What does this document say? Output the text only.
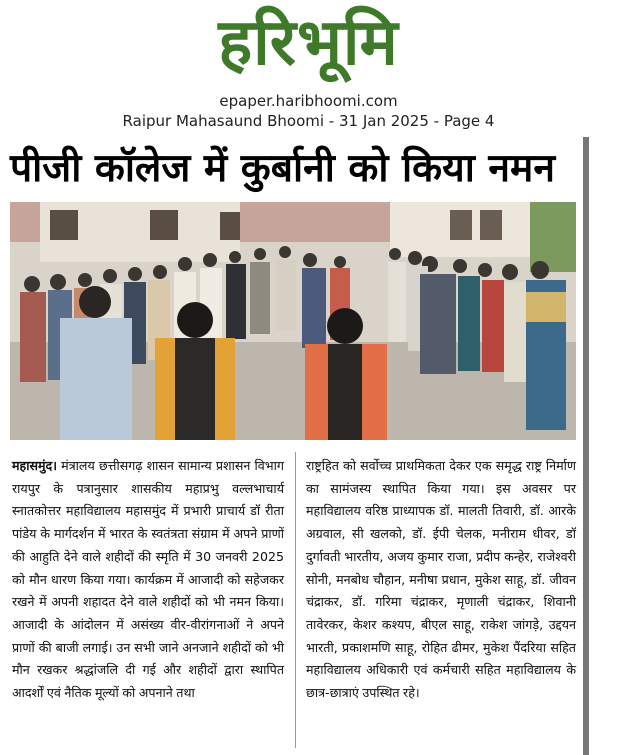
हरिभूमि
epaper.haribhoomi.com
Raipur Mahasaund Bhoomi - 31 Jan 2025 - Page 4
पीजी कॉलेज में कुर्बानी को किया नमन
महासमुंद। मंत्रालय छत्तीसगढ़ शासन सामान्य प्रशासन विभाग रायपुर के पत्रानुसार शासकीय महाप्रभु वल्लभाचार्य स्नातकोत्तर महाविद्यालय महासमुंद में प्रभारी प्राचार्य डॉ रीता पांडेय के मार्गदर्शन में भारत के स्वतंत्रता संग्राम में अपने प्राणों की आहुति देने वाले शहीदों की स्मृति में 30 जनवरी 2025 को मौन धारण किया गया। कार्यक्रम में आजादी को सहेजकर रखने में अपनी शहादत देने वाले शहीदों को भी नमन किया। आजादी के आंदोलन में असंख्य वीर-वीरांगनाओं ने अपने प्राणों की बाजी लगाई। उन सभी जाने अनजाने शहीदों को भी मौन रखकर श्रद्धांजलि दी गई और शहीदों द्वारा स्थापित आदर्शों एवं नैतिक मूल्यों को अपनाने तथा
राष्ट्रहित को सर्वोच्च प्राथमिकता देकर एक समृद्ध राष्ट्र निर्माण का सामंजस्य स्थापित किया गया। इस अवसर पर महाविद्यालय वरिष्ठ प्राध्यापक डॉ. मालती तिवारी, डॉ. आरके अग्रवाल, सी खलको, डॉ. ईपी चेलक, मनीराम धीवर, डॉ दुर्गावती भारतीय, अजय कुमार राजा, प्रदीप कन्हेर, राजेश्वरी सोनी, मनबोध चौहान, मनीषा प्रधान, मुकेश साहू, डॉ. जीवन चंद्राकर, डॉ. गरिमा चंद्राकर, मृणाली चंद्राकर, शिवानी तावेरकर, केशर कश्यप, बीएल साहू, राकेश जांगड़े, उद्दयन भारती, प्रकाशमणि साहू, रोहित ढीमर, मुकेश पैंदरिया सहित महाविद्यालय अधिकारी एवं कर्मचारी सहित महाविद्यालय के छात्र-छात्राएं उपस्थित रहे।
